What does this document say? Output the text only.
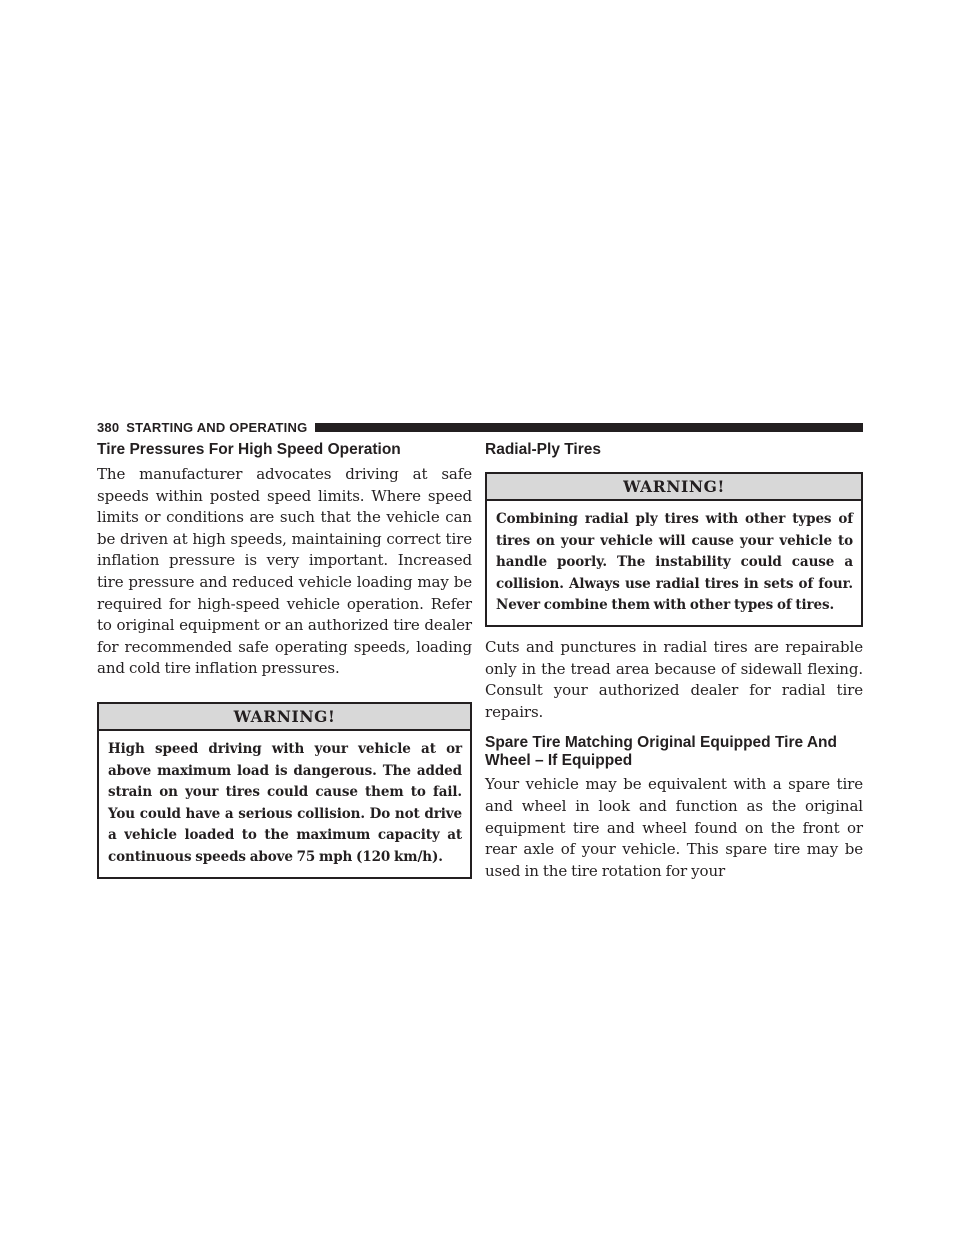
380 STARTING AND OPERATING
Tire Pressures For High Speed Operation

The manufacturer advocates driving at safe speeds within posted speed limits. Where speed limits or conditions are such that the vehicle can be driven at high speeds, maintaining correct tire inflation pressure is very important. Increased tire pressure and reduced vehicle loading may be required for high-speed vehicle operation. Refer to original equipment or an authorized tire dealer for recommended safe operating speeds, loading and cold tire inflation pressures.

WARNING!
High speed driving with your vehicle at or above maximum load is dangerous. The added strain on your tires could cause them to fail. You could have a serious collision. Do not drive a vehicle loaded to the maximum capacity at continuous speeds above 75 mph (120 km/h).
Radial-Ply Tires
WARNING!
Combining radial ply tires with other types of tires on your vehicle will cause your vehicle to handle poorly. The instability could cause a collision. Always use radial tires in sets of four. Never combine them with other types of tires.

Cuts and punctures in radial tires are repairable only in the tread area because of sidewall flexing. Consult your authorized dealer for radial tire repairs.

Spare Tire Matching Original Equipped Tire And Wheel – If Equipped

Your vehicle may be equivalent with a spare tire and wheel in look and function as the original equipment tire and wheel found on the front or rear axle of your vehicle. This spare tire may be used in the tire rotation for your
